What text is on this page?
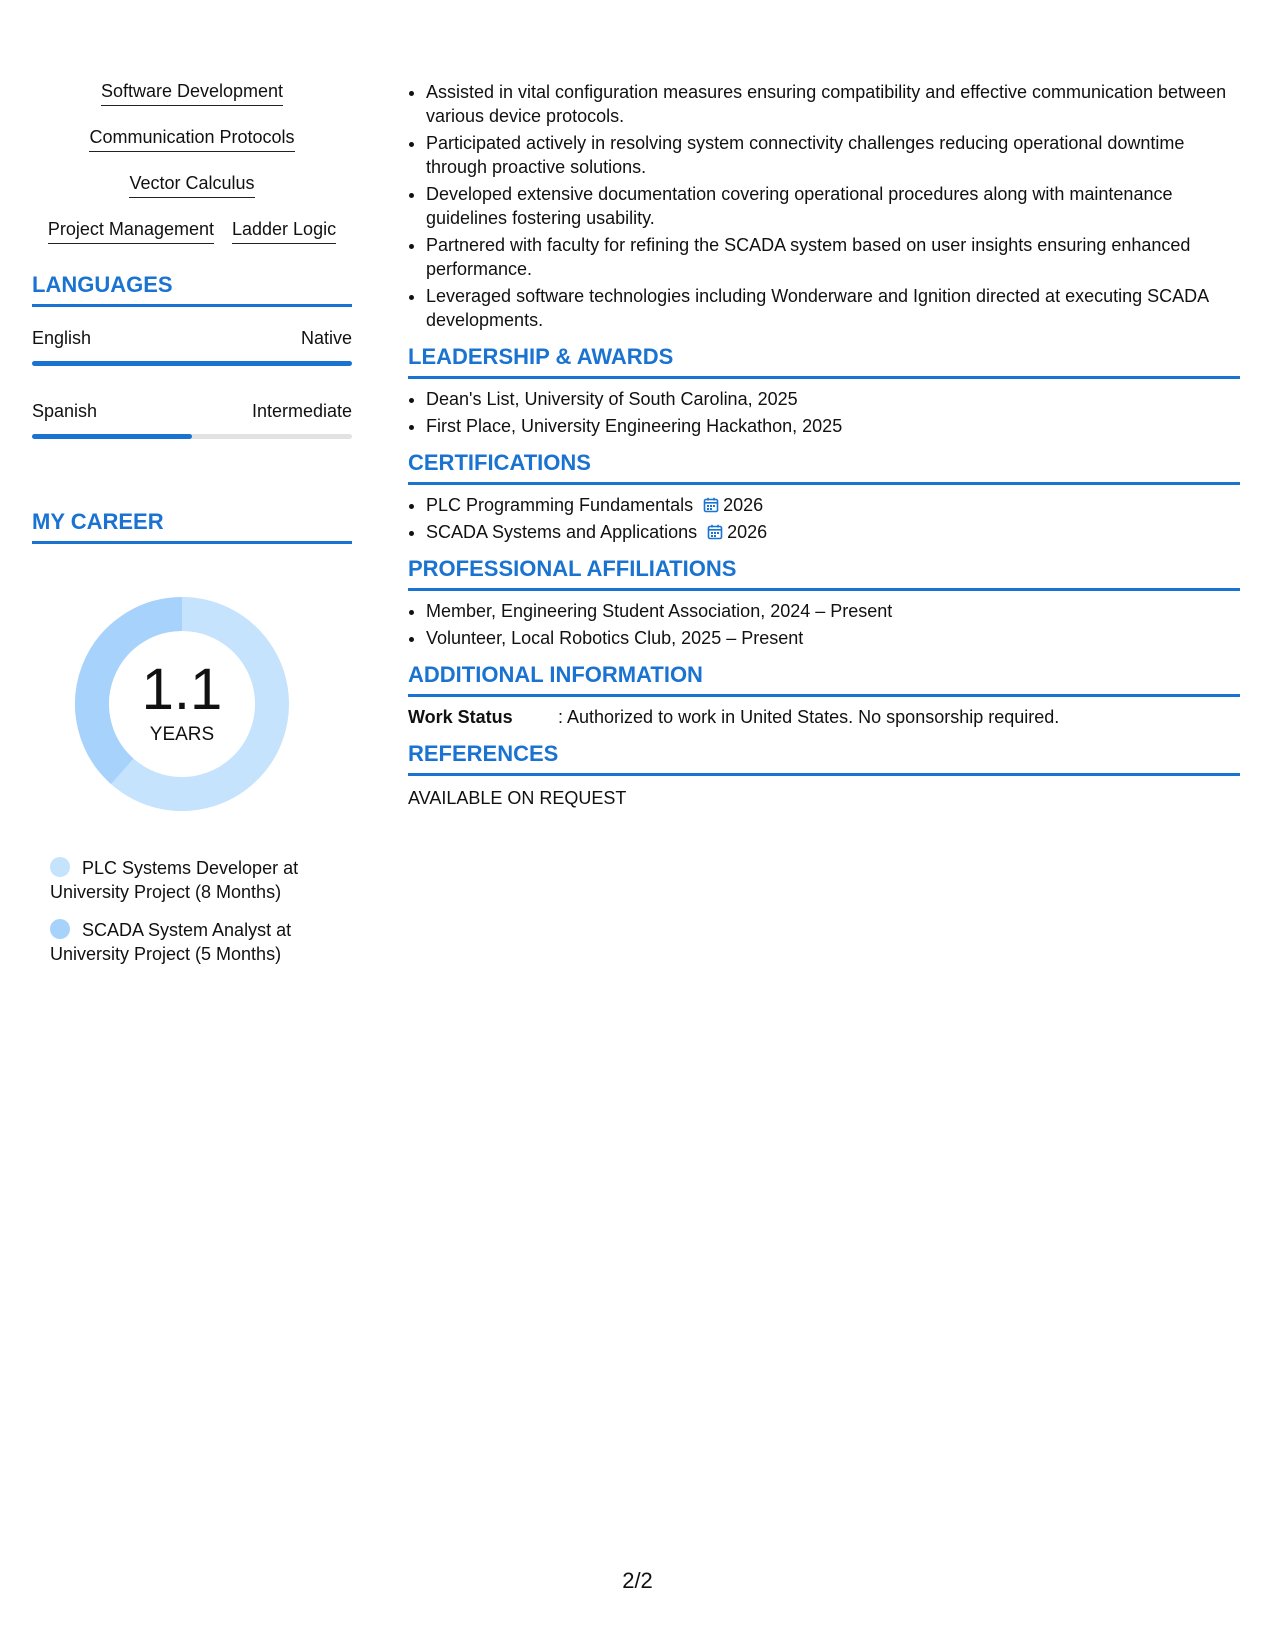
Software Development
Communication Protocols
Vector Calculus
Project Management Ladder Logic
LANGUAGES
English	Native
Spanish	Intermediate
MY CAREER
1.1
YEARS
PLC Systems Developer at University Project (8 Months)
SCADA System Analyst at University Project (5 Months)
• Assisted in vital configuration measures ensuring compatibility and effective communication between various device protocols.
• Participated actively in resolving system connectivity challenges reducing operational downtime through proactive solutions.
• Developed extensive documentation covering operational procedures along with maintenance guidelines fostering usability.
• Partnered with faculty for refining the SCADA system based on user insights ensuring enhanced performance.
• Leveraged software technologies including Wonderware and Ignition directed at executing SCADA developments.
LEADERSHIP & AWARDS
• Dean's List, University of South Carolina, 2025
• First Place, University Engineering Hackathon, 2025
CERTIFICATIONS
• PLC Programming Fundamentals 2026
• SCADA Systems and Applications 2026
PROFESSIONAL AFFILIATIONS
• Member, Engineering Student Association, 2024 – Present
• Volunteer, Local Robotics Club, 2025 – Present
ADDITIONAL INFORMATION
Work Status	: Authorized to work in United States. No sponsorship required.
REFERENCES
AVAILABLE ON REQUEST
2/2
